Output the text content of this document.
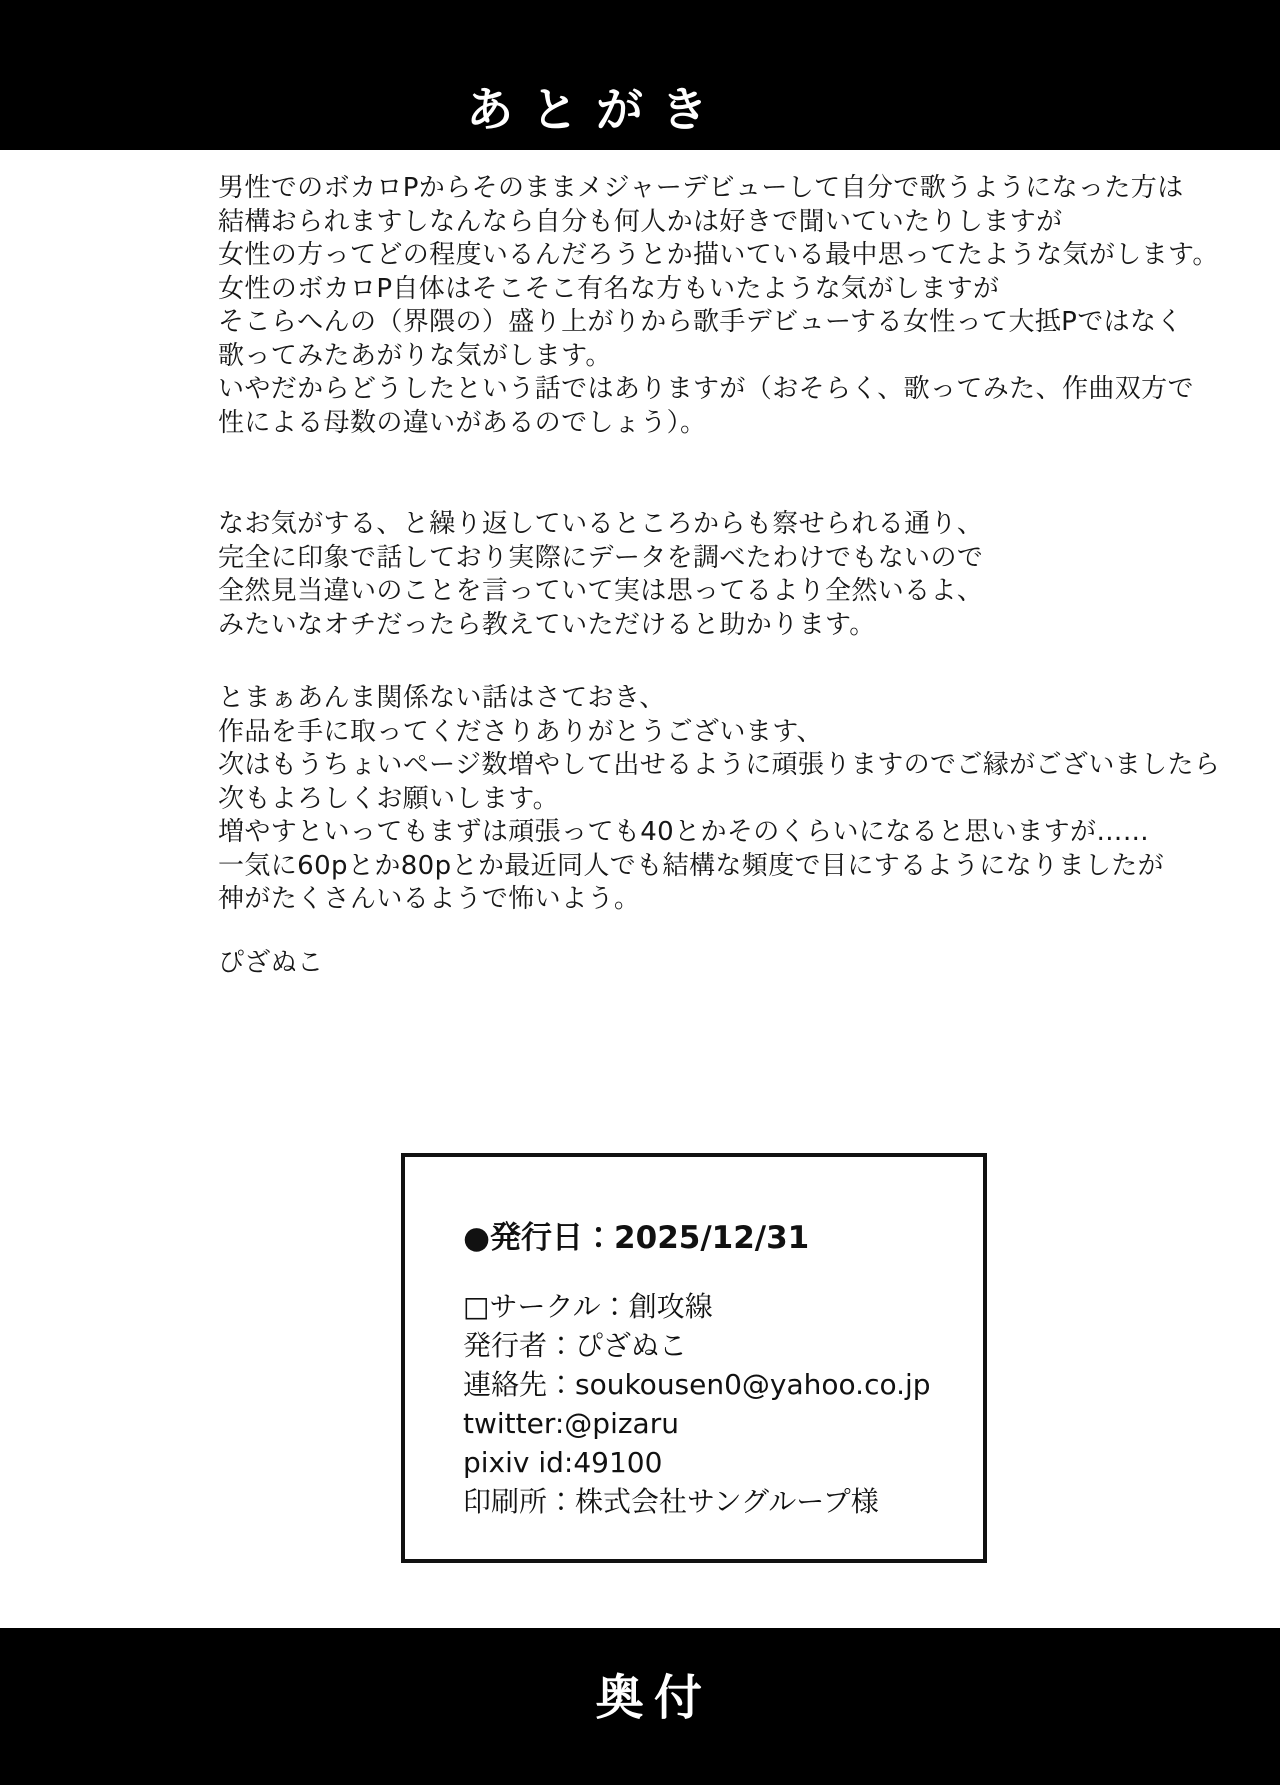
あとがき
男性でのボカロPからそのままメジャーデビューして自分で歌うようになった方は
結構おられますしなんなら自分も何人かは好きで聞いていたりしますが
女性の方ってどの程度いるんだろうとか描いている最中思ってたような気がします。
女性のボカロP自体はそこそこ有名な方もいたような気がしますが
そこらへんの（界隈の）盛り上がりから歌手デビューする女性って大抵Pではなく
歌ってみたあがりな気がします。
いやだからどうしたという話ではありますが（おそらく、歌ってみた、作曲双方で
性による母数の違いがあるのでしょう）。
なお気がする、と繰り返しているところからも察せられる通り、
完全に印象で話しており実際にデータを調べたわけでもないので
全然見当違いのことを言っていて実は思ってるより全然いるよ、
みたいなオチだったら教えていただけると助かります。
とまぁあんま関係ない話はさておき、
作品を手に取ってくださりありがとうございます、
次はもうちょいページ数増やして出せるように頑張りますのでご縁がございましたら
次もよろしくお願いします。
増やすといってもまずは頑張っても40とかそのくらいになると思いますが……
一気に60pとか80pとか最近同人でも結構な頻度で目にするようになりましたが
神がたくさんいるようで怖いよう。
ぴざぬこ
●発行日：2025/12/31
□サークル：創攻線
発行者：ぴざぬこ
連絡先：soukousen0@yahoo.co.jp
twitter:@pizaru
pixiv id:49100
印刷所：株式会社サングループ様
奥付
